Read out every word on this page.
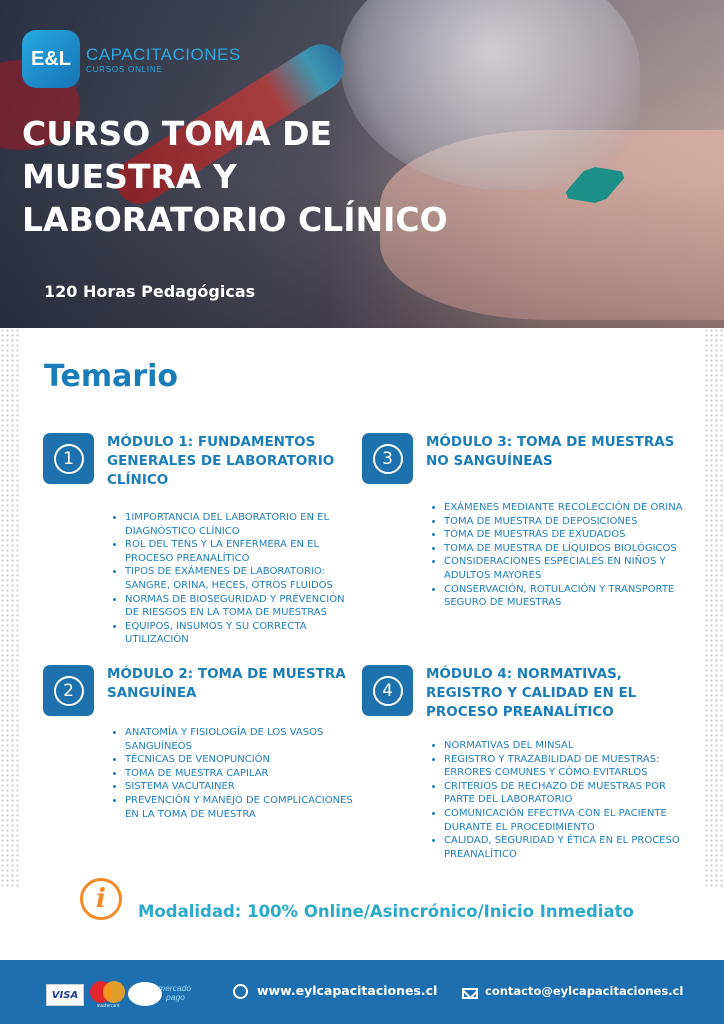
E&L CAPACITACIONES
CURSOS ONLINE
CURSO TOMA DE MUESTRA Y LABORATORIO CLÍNICO
120 Horas Pedagógicas
Temario
1
MÓDULO 1: FUNDAMENTOS GENERALES DE LABORATORIO CLÍNICO
• 1IMPORTANCIA DEL LABORATORIO EN EL DIAGNÓSTICO CLÍNICO
• ROL DEL TENS Y LA ENFERMERA EN EL PROCESO PREANALÍTICO
• TIPOS DE EXÁMENES DE LABORATORIO: SANGRE, ORINA, HECES, OTROS FLUIDOS
• NORMAS DE BIOSEGURIDAD Y PREVENCIÓN DE RIESGOS EN LA TOMA DE MUESTRAS
• EQUIPOS, INSUMOS Y SU CORRECTA UTILIZACIÓN
2
MÓDULO 2: TOMA DE MUESTRA SANGUÍNEA
• ANATOMÍA Y FISIOLOGÍA DE LOS VASOS SANGUÍNEOS
• TÉCNICAS DE VENOPUNCIÓN
• TOMA DE MUESTRA CAPILAR
• SISTEMA VACUTAINER
• PREVENCIÓN Y MANEJO DE COMPLICACIONES EN LA TOMA DE MUESTRA
3
MÓDULO 3: TOMA DE MUESTRAS NO SANGUÍNEAS
• EXÁMENES MEDIANTE RECOLECCIÓN DE ORINA
• TOMA DE MUESTRA DE DEPOSICIONES
• TOMA DE MUESTRAS DE EXUDADOS
• TOMA DE MUESTRA DE LÍQUIDOS BIOLÓGICOS
• CONSIDERACIONES ESPECIALES EN NIÑOS Y ADULTOS MAYORES
• CONSERVACIÓN, ROTULACIÓN Y TRANSPORTE SEGURO DE MUESTRAS
4
MÓDULO 4: NORMATIVAS, REGISTRO Y CALIDAD EN EL PROCESO PREANALÍTICO
• NORMATIVAS DEL MINSAL
• REGISTRO Y TRAZABILIDAD DE MUESTRAS: ERRORES COMUNES Y CÓMO EVITARLOS
• CRITERIOS DE RECHAZO DE MUESTRAS POR PARTE DEL LABORATORIO
• COMUNICACIÓN EFECTIVA CON EL PACIENTE DURANTE EL PROCEDIMIENTO
• CALIDAD, SEGURIDAD Y ÉTICA EN EL PROCESO PREANALÍTICO
i	Modalidad: 100% Online/Asincrónico/Inicio Inmediato
VISA
mastercard
mercado
pago	www.eylcapacitaciones.cl	contacto@eylcapacitaciones.cl
